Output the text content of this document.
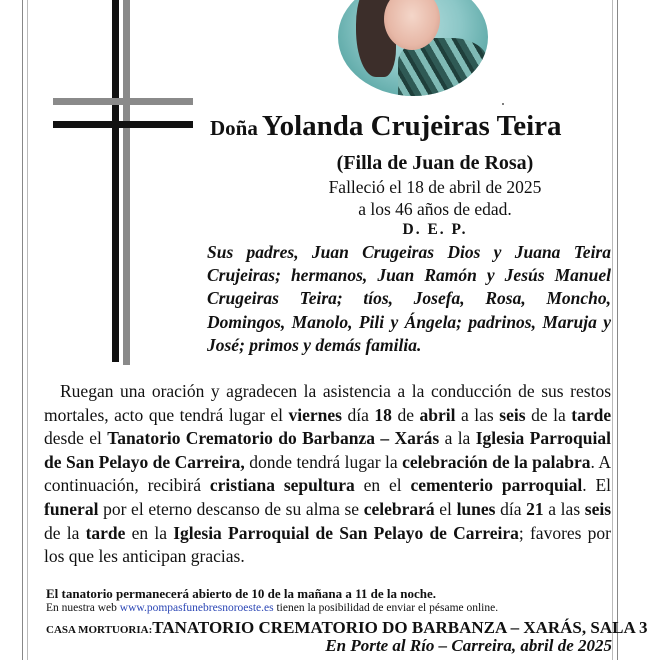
Doña Yolanda Crujeiras Teira
(Filla de Juan de Rosa)
Falleció el 18 de abril de 2025
a los 46 años de edad.
D. E. P.
Sus padres, Juan Crugeiras Dios y Juana Teira Crujeiras; hermanos, Juan Ramón y Jesús Manuel Crugeiras Teira; tíos, Josefa, Rosa, Moncho, Domingos, Manolo, Pili y Ángela; padrinos, Maruja y José; primos y demás familia.

Ruegan una oración y agradecen la asistencia a la conducción de sus restos mortales, acto que tendrá lugar el viernes día 18 de abril a las seis de la tarde desde el Tanatorio Crematorio do Barbanza – Xarás a la Iglesia Parroquial de San Pelayo de Carreira, donde tendrá lugar la celebración de la palabra. A continuación, recibirá cristiana sepultura en el cementerio parroquial. El funeral por el eterno descanso de su alma se celebrará el lunes día 21 a las seis de la tarde en la Iglesia Parroquial de San Pelayo de Carreira; favores por los que les anticipan gracias.

El tanatorio permanecerá abierto de 10 de la mañana a 11 de la noche.
En nuestra web www.pompasfunebresnoroeste.es tienen la posibilidad de enviar el pésame online.
CASA MORTUORIA:TANATORIO CREMATORIO DO BARBANZA – XARÁS, SALA 3
En Porte al Río – Carreira, abril de 2025
